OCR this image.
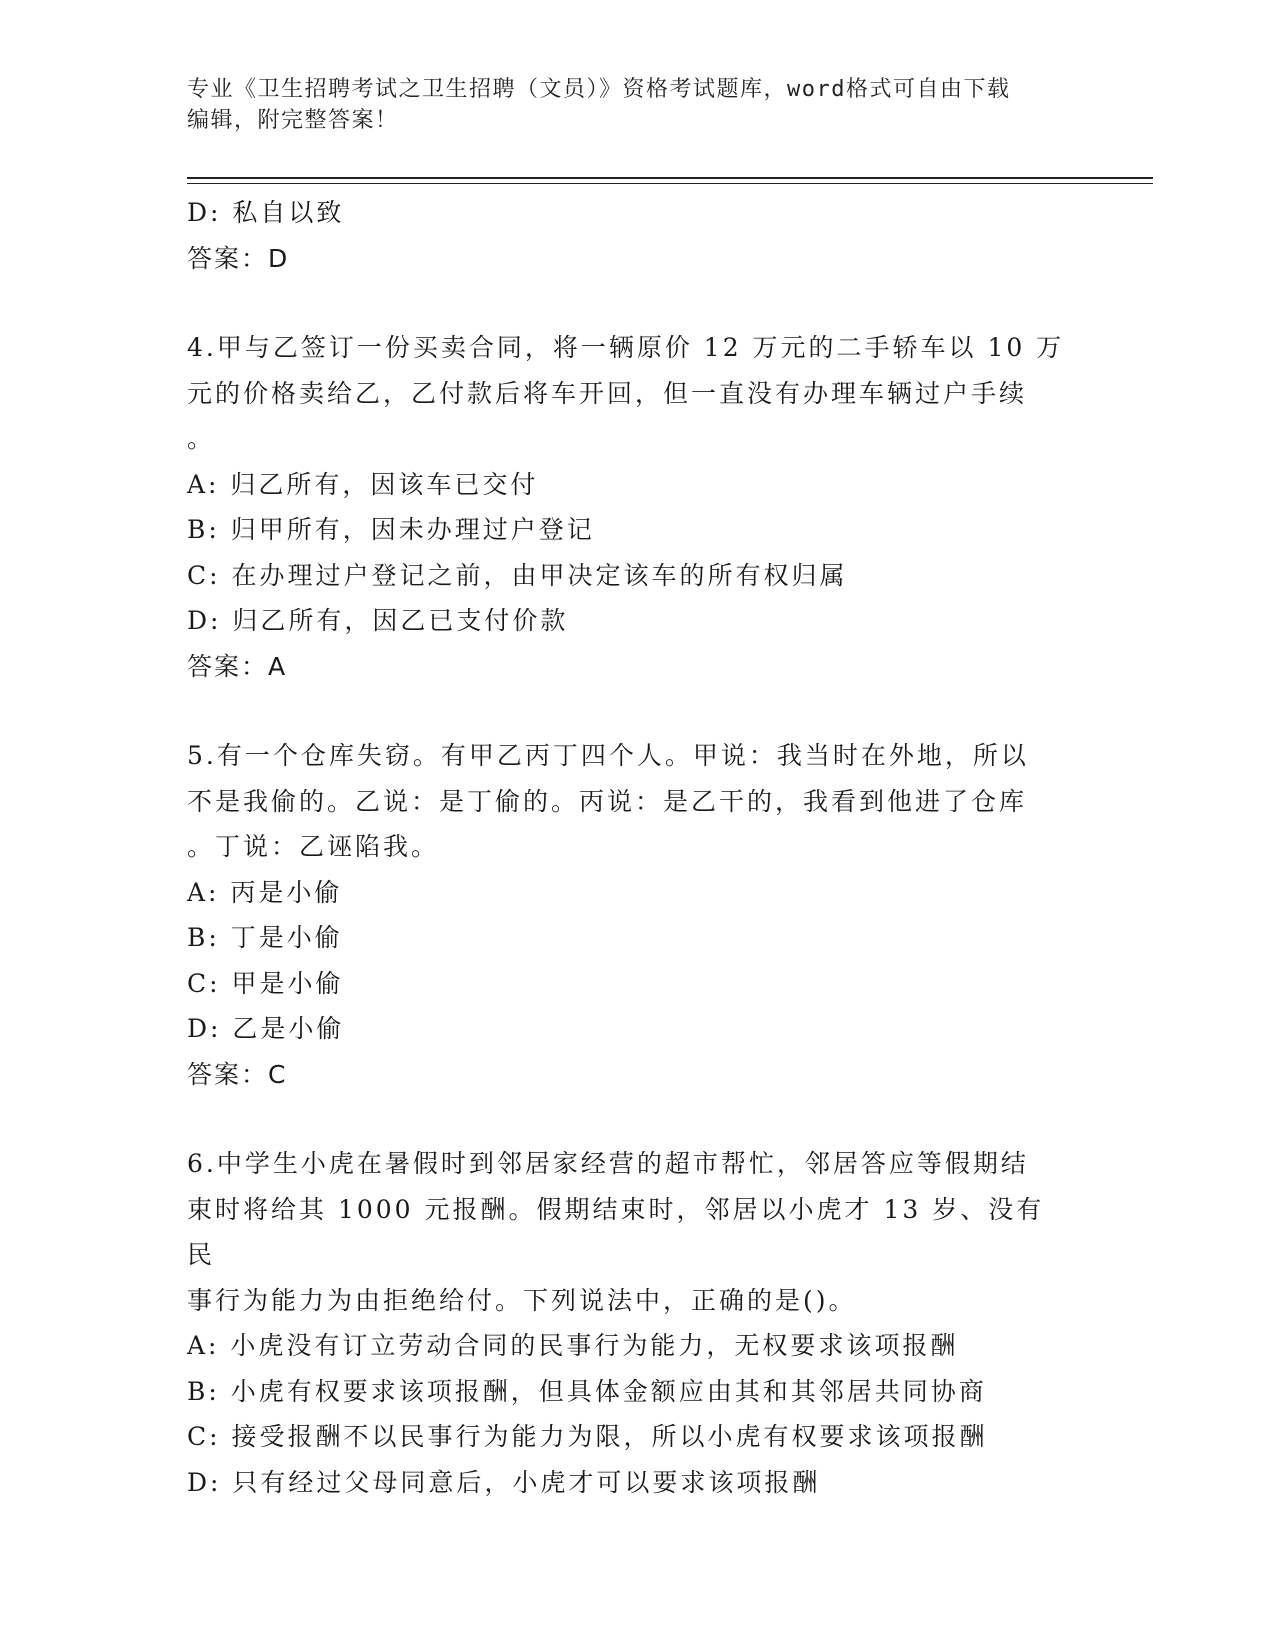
专业《卫生招聘考试之卫生招聘（文员）》资格考试题库，word格式可自由下载
编辑，附完整答案！
D: 私自以致
答案：D
4.甲与乙签订一份买卖合同，将一辆原价 12 万元的二手轿车以 10 万
元的价格卖给乙，乙付款后将车开回，但一直没有办理车辆过户手续
。
A: 归乙所有，因该车已交付
B: 归甲所有，因未办理过户登记
C: 在办理过户登记之前，由甲决定该车的所有权归属
D: 归乙所有，因乙已支付价款
答案：A
5.有一个仓库失窃。有甲乙丙丁四个人。甲说：我当时在外地，所以
不是我偷的。乙说：是丁偷的。丙说：是乙干的，我看到他进了仓库
。丁说：乙诬陷我。
A: 丙是小偷
B: 丁是小偷
C: 甲是小偷
D: 乙是小偷
答案：C
6.中学生小虎在暑假时到邻居家经营的超市帮忙，邻居答应等假期结
束时将给其 1000 元报酬。假期结束时，邻居以小虎才 13 岁、没有民
事行为能力为由拒绝给付。下列说法中，正确的是()。
A: 小虎没有订立劳动合同的民事行为能力，无权要求该项报酬
B: 小虎有权要求该项报酬，但具体金额应由其和其邻居共同协商
C: 接受报酬不以民事行为能力为限，所以小虎有权要求该项报酬
D: 只有经过父母同意后，小虎才可以要求该项报酬
